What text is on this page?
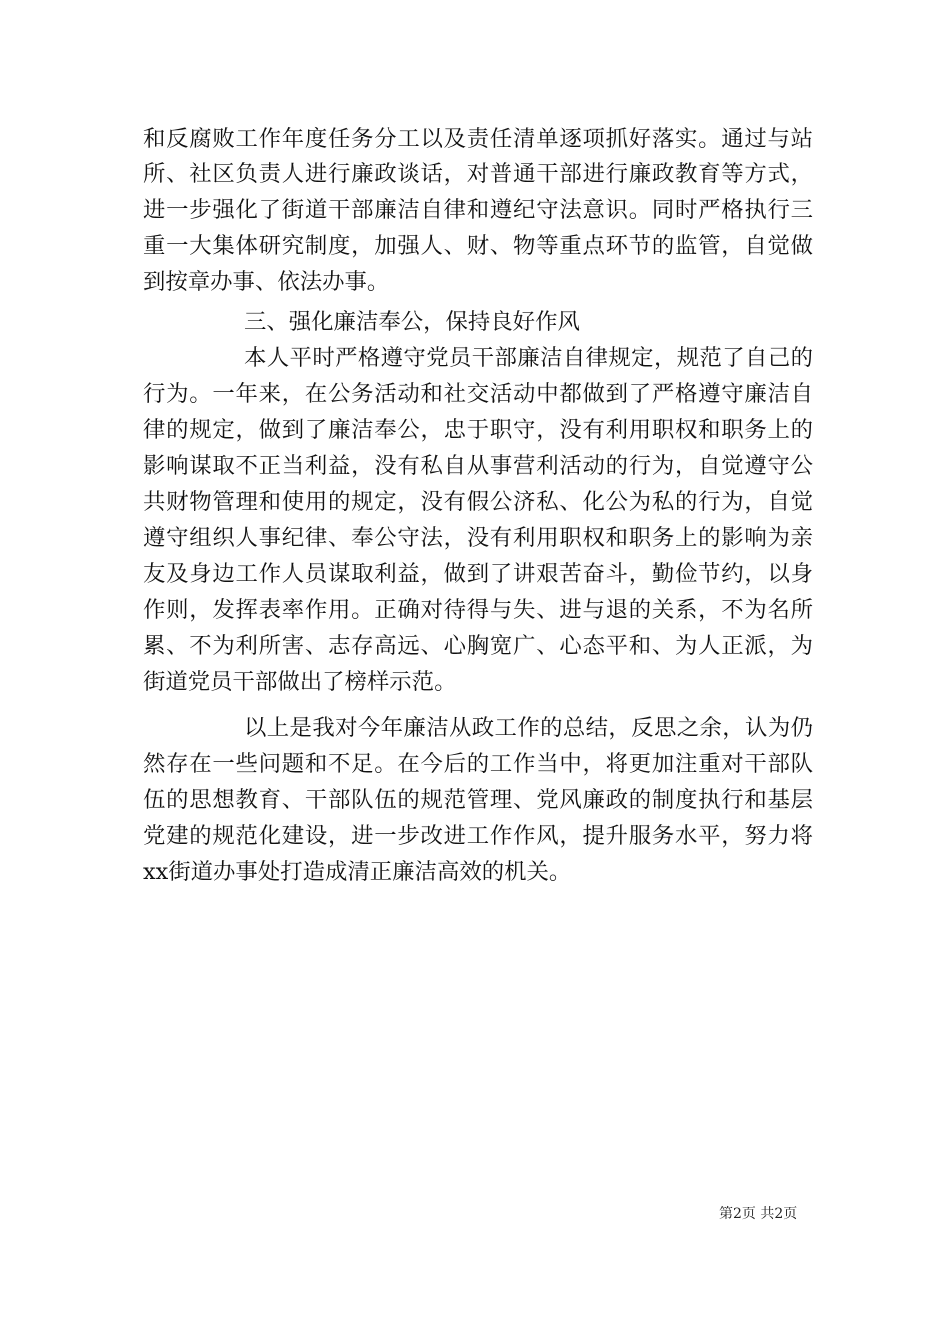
和反腐败工作年度任务分工以及责任清单逐项抓好落实。通过与站
所、社区负责人进行廉政谈话，对普通干部进行廉政教育等方式，
进一步强化了街道干部廉洁自律和遵纪守法意识。同时严格执行三
重一大集体研究制度，加强人、财、物等重点环节的监管，自觉做
到按章办事、依法办事。
三、强化廉洁奉公，保持良好作风
本人平时严格遵守党员干部廉洁自律规定，规范了自己的
行为。一年来，在公务活动和社交活动中都做到了严格遵守廉洁自
律的规定，做到了廉洁奉公，忠于职守，没有利用职权和职务上的
影响谋取不正当利益，没有私自从事营利活动的行为，自觉遵守公
共财物管理和使用的规定，没有假公济私、化公为私的行为，自觉
遵守组织人事纪律、奉公守法，没有利用职权和职务上的影响为亲
友及身边工作人员谋取利益，做到了讲艰苦奋斗，勤俭节约，以身
作则，发挥表率作用。正确对待得与失、进与退的关系，不为名所
累、不为利所害、志存高远、心胸宽广、心态平和、为人正派，为
街道党员干部做出了榜样示范。
以上是我对今年廉洁从政工作的总结，反思之余，认为仍
然存在一些问题和不足。在今后的工作当中，将更加注重对干部队
伍的思想教育、干部队伍的规范管理、党风廉政的制度执行和基层
党建的规范化建设，进一步改进工作作风，提升服务水平，努力将
xx街道办事处打造成清正廉洁高效的机关。
第2页 共2页
